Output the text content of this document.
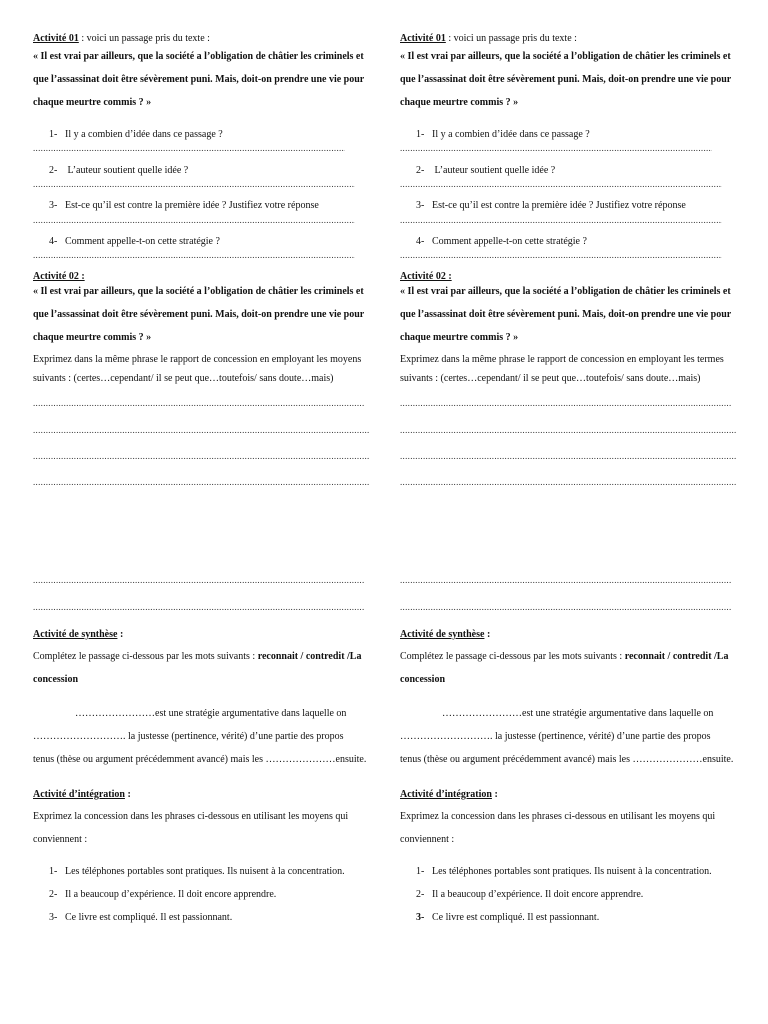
Activité 01 : voici un passage pris du texte :
« Il est vrai par ailleurs, que la société a l’obligation de châtier les criminels et
que l’assassinat doit être sévèrement puni. Mais, doit-on prendre une vie pour
chaque meurtre commis ? »
1- Il y a combien d’idée dans ce passage ?
.....
2- L’auteur soutient quelle idée ?
.....
3- Est-ce qu’il est contre la première idée ? Justifiez votre réponse
.....
4- Comment appelle-t-on cette stratégie ?
.....
Activité 02 :
« Il est vrai par ailleurs, que la société a l’obligation de châtier les criminels et
que l’assassinat doit être sévèrement puni. Mais, doit-on prendre une vie pour
chaque meurtre commis ? »
Exprimez dans la même phrase le rapport de concession en employant les moyens
suivants : (certes…cependant/ il se peut que…toutefois/ sans doute…mais)
.....
.....
.....
.....
.....
.....
Activité de synthèse :
Complétez le passage ci-dessous par les mots suivants : reconnait / contredit /La
concession
……………………est une stratégie argumentative dans laquelle on
………………………. la justesse (pertinence, vérité) d’une partie des propos
tenus (thèse ou argument précédemment avancé) mais les …………………ensuite.
Activité d’intégration :
Exprimez la concession dans les phrases ci-dessous en utilisant les moyens qui
conviennent :
1- Les téléphones portables sont pratiques. Ils nuisent à la concentration.
2- Il a beaucoup d’expérience. Il doit encore apprendre.
3- Ce livre est compliqué. Il est passionnant.
Activité 01 : voici un passage pris du texte :
« Il est vrai par ailleurs, que la société a l’obligation de châtier les criminels et
que l’assassinat doit être sévèrement puni. Mais, doit-on prendre une vie pour
chaque meurtre commis ? »
1- Il y a combien d’idée dans ce passage ?
.....
2- L’auteur soutient quelle idée ?
.....
3- Est-ce qu’il est contre la première idée ? Justifiez votre réponse
.....
4- Comment appelle-t-on cette stratégie ?
.....
Activité 02 :
« Il est vrai par ailleurs, que la société a l’obligation de châtier les criminels et
que l’assassinat doit être sévèrement puni. Mais, doit-on prendre une vie pour
chaque meurtre commis ? »
Exprimez dans la même phrase le rapport de concession en employant les termes
suivants : (certes…cependant/ il se peut que…toutefois/ sans doute…mais)
.....
.....
.....
.....
.....
.....
Activité de synthèse :
Complétez le passage ci-dessous par les mots suivants : reconnait / contredit /La
concession
……………………est une stratégie argumentative dans laquelle on
………………………. la justesse (pertinence, vérité) d’une partie des propos
tenus (thèse ou argument précédemment avancé) mais les …………………ensuite.
Activité d’intégration :
Exprimez la concession dans les phrases ci-dessous en utilisant les moyens qui
conviennent :
1- Les téléphones portables sont pratiques. Ils nuisent à la concentration.
2- Il a beaucoup d’expérience. Il doit encore apprendre.
3- Ce livre est compliqué. Il est passionnant.
